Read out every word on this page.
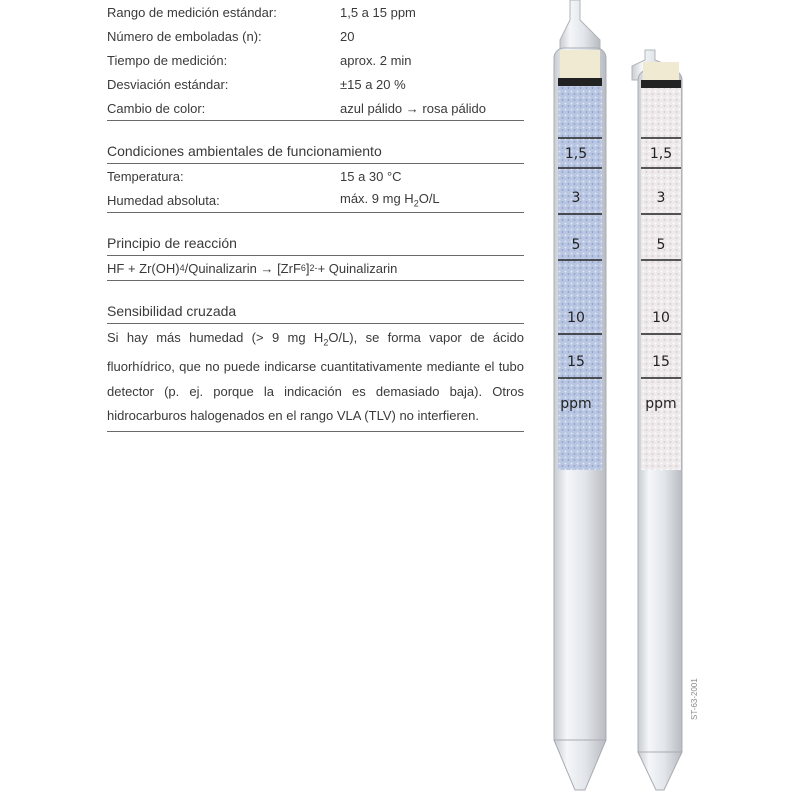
Rango de medición estándar:	1,5 a 15 ppm
Número de emboladas (n):	20
Tiempo de medición:	aprox. 2 min
Desviación estándar:	±15 a 20 %
Cambio de color:	azul pálido → rosa pálido
Condiciones ambientales de funcionamiento
Temperatura:	15 a 30 °C
Humedad absoluta:	máx. 9 mg $H_2O/L$
Principio de reacción
HF + Zr(OH) 4 /Quinalizarin → [ZrF 6 ] 2- + Quinalizarin
Sensibilidad cruzada
Si hay más humedad (> 9 mg $H_2O/L$), se forma vapor de ácido fluorhídrico, que no puede indicarse cuantitativamente mediante el tubo detector (p. ej. porque la indicación es demasiado baja). Otros hidrocarburos halogenados en el rango VLA (TLV) no interfieren.
1,5
3
5
10
15
ppm
1,5
3
5
10
15
ppm
ST-63-2001
